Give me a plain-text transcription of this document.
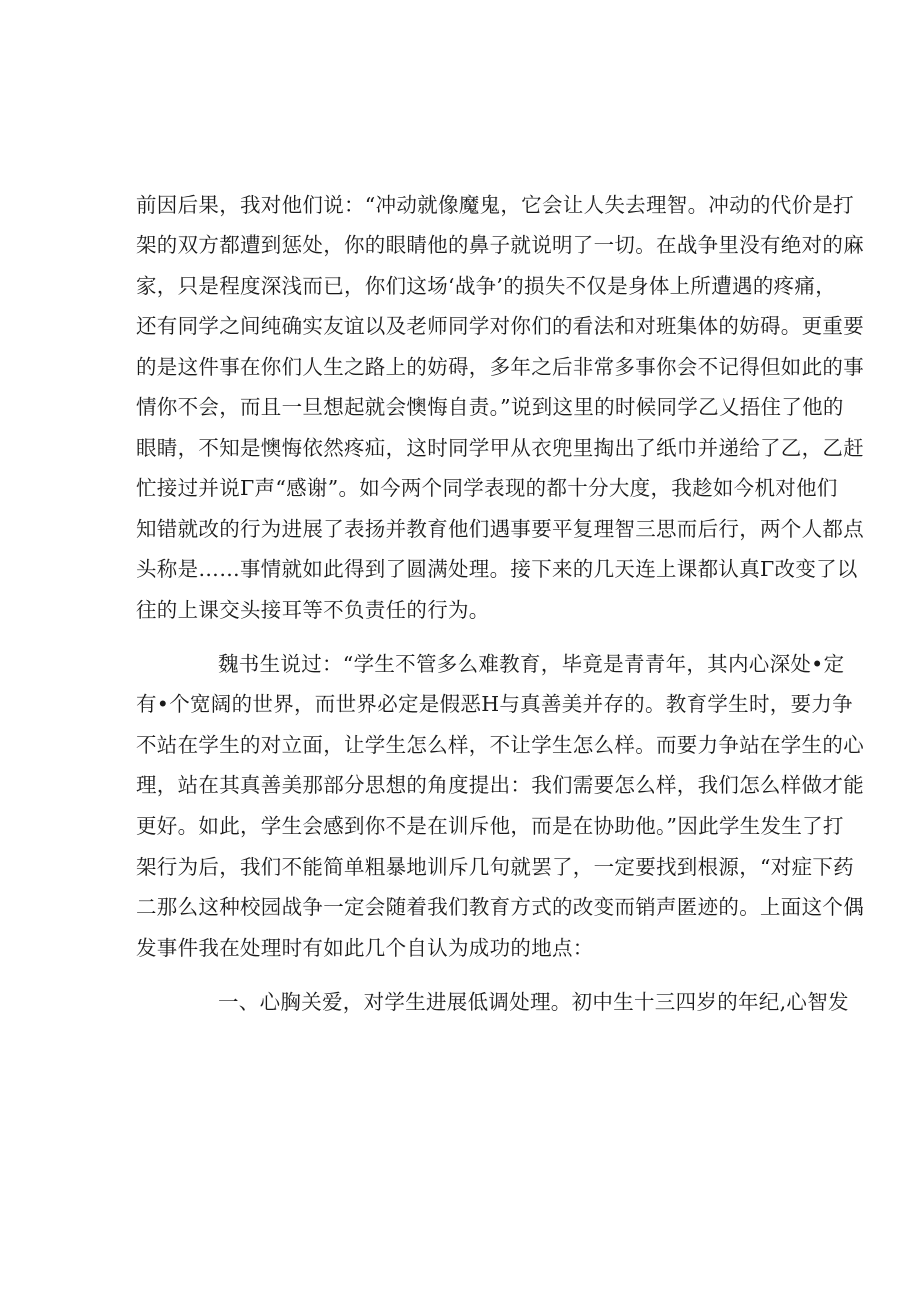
前因后果，我对他们说：“冲动就像魔鬼，它会让人失去理智。冲动的代价是打
架的双方都遭到惩处，你的眼睛他的鼻子就说明了一切。在战争里没有绝对的麻
家，只是程度深浅而已，你们这场‘战争’的损失不仅是身体上所遭遇的疼痛，
还有同学之间纯确实友谊以及老师同学对你们的看法和对班集体的妨碍。更重要
的是这件事在你们人生之路上的妨碍，多年之后非常多事你会不记得但如此的事
情你不会，而且一旦想起就会懊悔自责。”说到这里的时候同学乙乂捂住了他的
眼睛，不知是懊悔依然疼疝，这时同学甲从衣兜里掏出了纸巾并递给了乙，乙赶
忙接过并说Γ声“感谢”。如今两个同学表现的都十分大度，我趁如今机对他们
知错就改的行为进展了表扬并教育他们遇事要平复理智三思而后行，两个人都点
头称是……事情就如此得到了圆满处理。接下来的几天连上课都认真Γ改变了以
往的上课交头接耳等不负责任的行为。
魏书生说过：“学生不管多么难教育，毕竟是青青年，其内心深处•定
有•个宽阔的世界，而世界必定是假恶H与真善美并存的。教育学生时，要力争
不站在学生的对立面，让学生怎么样，不让学生怎么样。而要力争站在学生的心
理，站在其真善美那部分思想的角度提出：我们需要怎么样，我们怎么样做才能
更好。如此，学生会感到你不是在训斥他，而是在协助他。”因此学生发生了打
架行为后，我们不能简单粗暴地训斥几句就罢了，一定要找到根源，“对症下药
二那么这种校园战争一定会随着我们教育方式的改变而销声匿迹的。上面这个偶
发事件我在处理时有如此几个自认为成功的地点：
一、心胸关爱，对学生进展低调处理。初中生十三四岁的年纪,心智发
